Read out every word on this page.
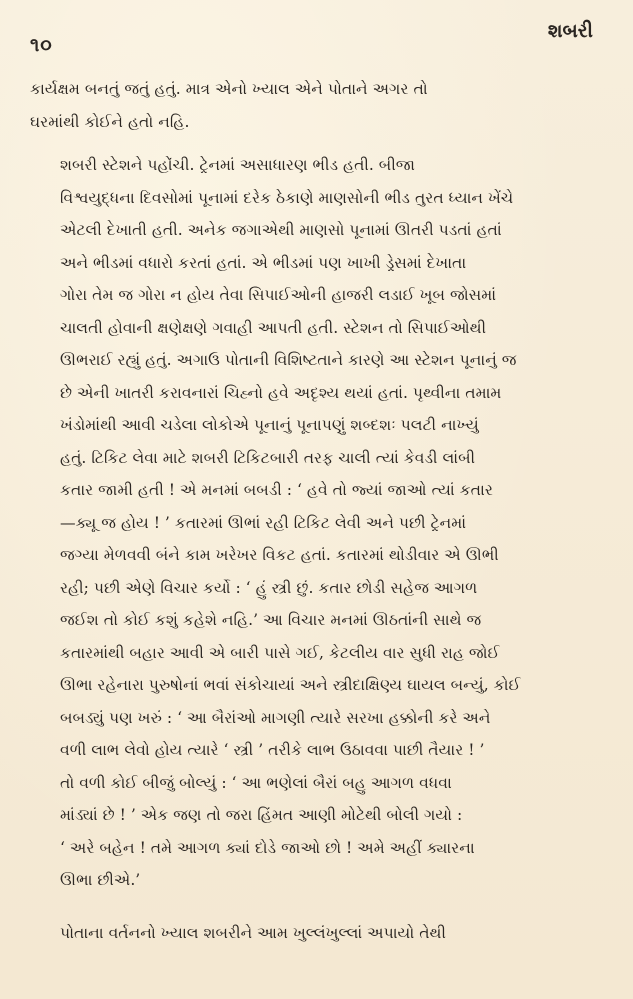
૧૦
શબરી
કાર્યક્ષમ બનતું જતું હતું. માત્ર એનો ખ્યાલ એને પોતાને અગર તો
ઘરમાંથી કોઈને હતો નહિ.
શબરી સ્ટેશને પહોંચી. ટ્રેનમાં અસાધારણ ભીડ હતી. બીજા
વિશ્વયુદ્ધના દિવસોમાં પૂનામાં દરેક ઠેકાણે માણસોની ભીડ તુરત ધ્યાન ખેંચે
એટલી દેખાતી હતી. અનેક જગાએથી માણસો પૂનામાં ઊતરી પડતાં હતાં
અને ભીડમાં વધારો કરતાં હતાં. એ ભીડમાં પણ ખાખી ડ્રેસમાં દેખાતા
ગોરા તેમ જ ગોરા ન હોય તેવા સિપાઈઓની હાજરી લડાઈ ખૂબ જોસમાં
ચાલતી હોવાની ક્ષણેક્ષણે ગવાહી આપતી હતી. સ્ટેશન તો સિપાઈઓથી
ઊભરાઈ રહ્યું હતું. અગાઉ પોતાની વિશિષ્ટતાને કારણે આ સ્ટેશન પૂનાનું જ
છે એની ખાતરી કરાવનારાં ચિહ્નો હવે અદૃશ્ય થયાં હતાં. પૃથ્વીના તમામ
ખંડોમાંથી આવી ચડેલા લોકોએ પૂનાનું પૂનાપણું શબ્દશઃ પલટી નાખ્યું
હતું. ટિકિટ લેવા માટે શબરી ટિકિટબારી તરફ ચાલી ત્યાં કેવડી લાંબી
કતાર જામી હતી ! એ મનમાં બબડી : ‘ હવે તો જ્યાં જાઓ ત્યાં કતાર
—ક્યૂ જ હોય ! ’ કતારમાં ઊભાં રહી ટિકિટ લેવી અને પછી ટ્રેનમાં
જગ્યા મેળવવી બંને કામ ખરેખર વિકટ હતાં. કતારમાં થોડીવાર એ ઊભી
રહી; પછી એણે વિચાર કર્યો : ‘ હું સ્ત્રી છું. કતાર છોડી સહેજ આગળ
જઈશ તો કોઈ કશું કહેશે નહિ.’ આ વિચાર મનમાં ઊઠતાંની સાથે જ
કતારમાંથી બહાર આવી એ બારી પાસે ગઈ, કેટલીય વાર સુધી રાહ જોઈ
ઊભા રહેનારા પુરુષોનાં ભવાં સંકોચાયાં અને સ્ત્રીદાક્ષિણ્ય ઘાયલ બન્યું, કોઈ
બબડ્યું પણ ખરું : ‘ આ બૈરાંઓ માગણી ત્યારે સરખા હક્કોની કરે અને
વળી લાભ લેવો હોય ત્યારે ‘ સ્ત્રી ’ તરીકે લાભ ઉઠાવવા પાછી તૈયાર ! ’
તો વળી કોઈ બીજું બોલ્યું : ‘ આ ભણેલાં બૈરાં બહુ આગળ વધવા
માંડ્યાં છે ! ’ એક જણ તો જરા હિંમત આણી મોટેથી બોલી ગયો :
‘ અરે બહેન ! તમે આગળ ક્યાં દોડે જાઓ છો ! અમે અહીં ક્યારના
ઊભા છીએ.’
પોતાના વર્તનનો ખ્યાલ શબરીને આમ ખુલ્લંખુલ્લાં અપાયો તેથી
